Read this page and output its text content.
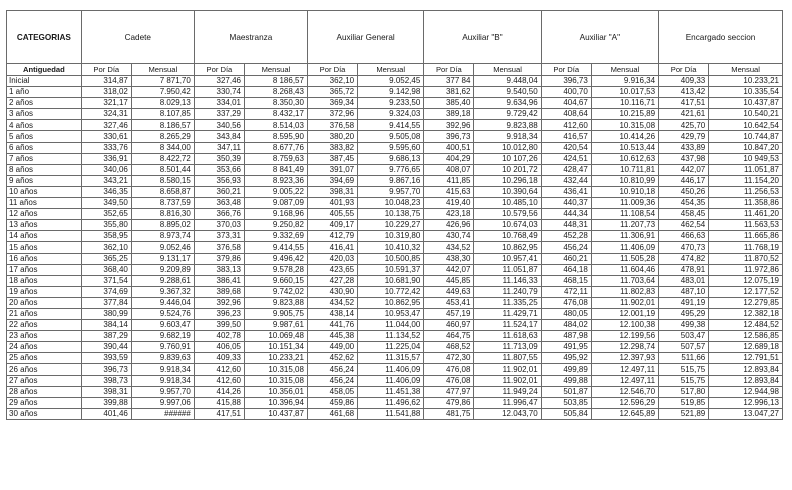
CATEGORIAS	Cadete		Maestranza		Auxiliar General		Auxiliar "B"		Auxiliar "A"		Encargado seccion	
Antiguedad	Por Día	Mensual	Por Día	Mensual	Por Día	Mensual	Por Día	Mensual	Por Día	Mensual	Por Día	Mensual
Inicial	314,87	7 871,70	327,46	8 186,57	362,10	9.052,45	377 84	9.448,04	396,73	9.916,34	409,33	10.233,21
1 año	318,02	7.950,42	330,74	8.268,43	365,72	9.142,98	381,62	9.540,50	400,70	10.017,53	413,42	10.335,54
2 años	321,17	8.029,13	334,01	8.350,30	369,34	9.233,50	385,40	9.634,96	404,67	10.116,71	417,51	10.437,87
3 años	324,31	8.107,85	337,29	8.432,17	372,96	9.324,03	389,18	9.729,42	408,64	10.215,89	421,61	10.540,21
4 años	327,46	8.186,57	340,56	8.514,03	376,58	9.414,55	392,96	9.823,88	412,60	10.315,08	425,70	10.642,54
5 años	330,61	8.265,29	343,84	8.595,90	380,20	9.505,08	396,73	9.918,34	416,57	10.414,26	429,79	10.744,87
6 años	333,76	8 344,00	347,11	8.677,76	383,82	9.595,60	400,51	10.012,80	420,54	10.513,44	433,89	10.847,20
7 años	336,91	8.422,72	350,39	8.759,63	387,45	9.686,13	404,29	10 107,26	424,51	10.612,63	437,98	10 949,53
8 años	340,06	8.501,44	353,66	8 841,49	391,07	9.776,65	408,07	10 201,72	428,47	10.711,81	442,07	11.051,87
9 años	343,21	8.580,15	356,93	8.923,36	394,69	9.867,16	411,85	10.296,18	432,44	10.810,99	446,17	11.154,20
10 años	346,35	8.658,87	360,21	9.005,22	398,31	9.957,70	415,63	10.390,64	436,41	10.910,18	450,26	11.256,53
11 años	349,50	8.737,59	363,48	9.087,09	401,93	10.048,23	419,40	10.485,10	440,37	11.009,36	454,35	11.358,86
12 años	352,65	8.816,30	366,76	9.168,96	405,55	10.138,75	423,18	10.579,56	444,34	11.108,54	458,45	11.461,20
13 años	355,80	8.895,02	370,03	9.250,82	409,17	10.229,27	426,96	10.674,03	448,31	11.207,73	462,54	11.563,53
14 años	358,95	8.973,74	373,31	9.332,69	412,79	10.319,80	430,74	10.768,49	452,28	11.306,91	466,63	11.665,86
15 años	362,10	9.052,46	376,58	9.414,55	416,41	10.410,32	434,52	10.862,95	456,24	11.406,09	470,73	11.768,19
16 años	365,25	9.131,17	379,86	9.496,42	420,03	10.500,85	438,30	10.957,41	460,21	11.505,28	474,82	11.870,52
17 años	368,40	9.209,89	383,13	9.578,28	423,65	10.591,37	442,07	11.051,87	464,18	11.604,46	478,91	11.972,86
18 años	371,54	9.288,61	386,41	9.660,15	427,28	10.681,90	445,85	11.146,33	468,15	11.703,64	483,01	12.075,19
19 años	374,69	9.367,32	389,68	9.742,02	430,90	10.772,42	449,63	11.240,79	472,11	11.802,83	487,10	12.177,52
20 años	377,84	9.446,04	392,96	9.823,88	434,52	10.862,95	453,41	11.335,25	476,08	11.902,01	491,19	12.279,85
21 años	380,99	9.524,76	396,23	9.905,75	438,14	10.953,47	457,19	11.429,71	480,05	12.001,19	495,29	12.382,18
22 años	384,14	9.603,47	399,50	9.987,61	441,76	11.044,00	460,97	11.524,17	484,02	12.100,38	499,38	12.484,52
23 años	387,29	9.682,19	402,78	10.069,48	445,38	11.134,52	464,75	11.618,63	487,98	12.199,56	503,47	12.586,85
24 años	390,44	9.760,91	406,05	10.151,34	449,00	11.225,04	468,52	11.713,09	491,95	12.298,74	507,57	12.689,18
25 años	393,59	9.839,63	409,33	10.233,21	452,62	11.315,57	472,30	11.807,55	495,92	12.397,93	511,66	12.791,51
26 años	396,73	9.918,34	412,60	10.315,08	456,24	11.406,09	476,08	11.902,01	499,89	12.497,11	515,75	12.893,84
27 años	398,73	9.918,34	412,60	10.315,08	456,24	11.406,09	476,08	11.902,01	499,88	12.497,11	515,75	12.893,84
28 años	398,31	9.957,70	414,26	10.356,01	458,05	11.451,38	477,97	11.949,24	501,87	12.546,70	517,80	12.944,98
29 años	399,88	9.997,06	415,88	10.396,94	459,86	11.496,62	479,86	11.996,47	503,85	12.596,29	519,85	12.996,13
30 años	401,46	######	417,51	10.437,87	461,68	11.541,88	481,75	12.043,70	505,84	12.645,89	521,89	13.047,27
